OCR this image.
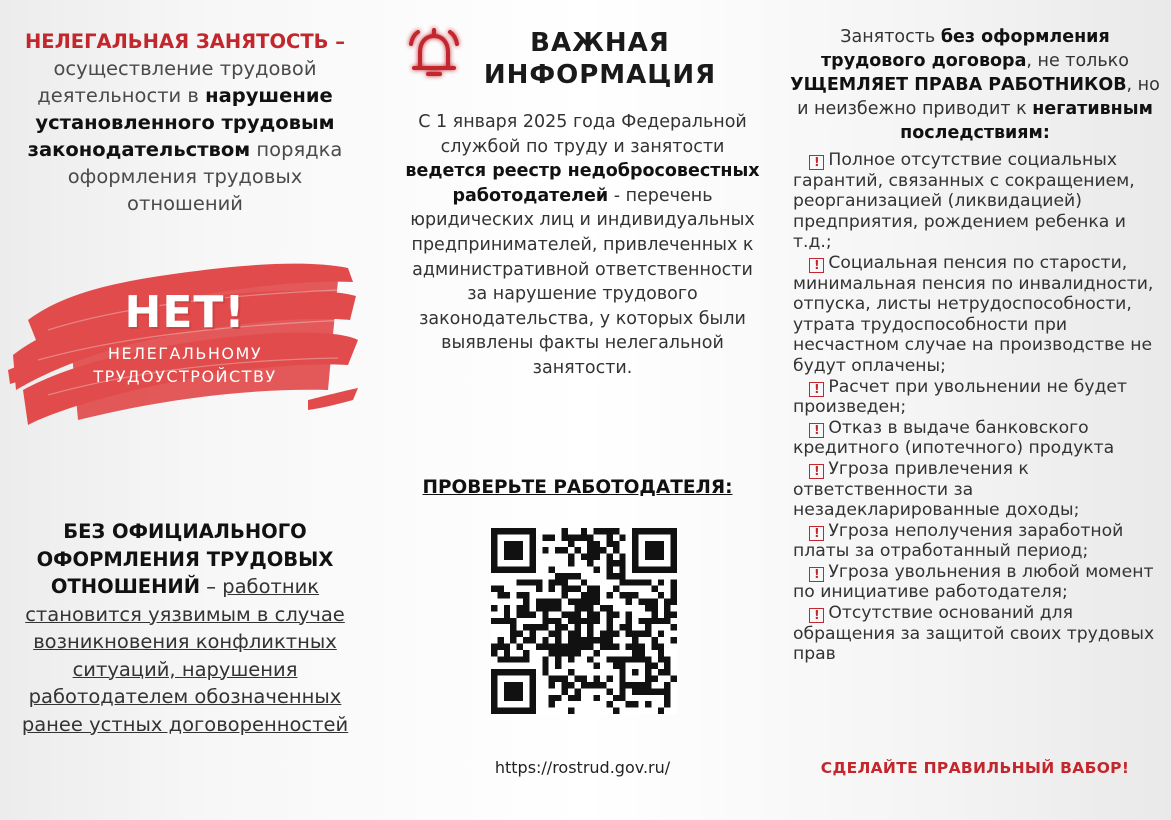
НЕЛЕГАЛЬНАЯ ЗАНЯТОСТЬ –
осуществление трудовой деятельности в нарушение установленного трудовым законодательством порядка оформления трудовых отношений
НЕТ!
НЕЛЕГАЛЬНОМУ
ТРУДОУСТРОЙСТВУ
БЕЗ ОФИЦИАЛЬНОГО ОФОРМЛЕНИЯ ТРУДОВЫХ ОТНОШЕНИЙ – работник становится уязвимым в случае возникновения конфликтных ситуаций, нарушения работодателем обозначенных ранее устных договоренностей
ВАЖНАЯ
ИНФОРМАЦИЯ
С 1 января 2025 года Федеральной службой по труду и занятости ведется реестр недобросовестных работодателей - перечень юридических лиц и индивидуальных предпринимателей, привлеченных к административной ответственности за нарушение трудового законодательства, у которых были выявлены факты нелегальной занятости.
ПРОВЕРЬТЕ РАБОТОДАТЕЛЯ:
https://rostrud.gov.ru/
Занятость без оформления трудового договора, не только УЩЕМЛЯЕТ ПРАВА РАБОТНИКОВ, но и неизбежно приводит к негативным последствиям:
! Полное отсутствие социальных гарантий, связанных с сокращением, реорганизацией (ликвидацией) предприятия, рождением ребенка и т.д.;
! Социальная пенсия по старости, минимальная пенсия по инвалидности, отпуска, листы нетрудоспособности, утрата трудоспособности при несчастном случае на производстве не будут оплачены;
! Расчет при увольнении не будет произведен;
! Отказ в выдаче банковского кредитного (ипотечного) продукта
! Угроза привлечения к ответственности за незадекларированные доходы;
! Угроза неполучения заработной платы за отработанный период;
! Угроза увольнения в любой момент по инициативе работодателя;
! Отсутствие оснований для обращения за защитой своих трудовых прав
СДЕЛАЙТЕ ПРАВИЛЬНЫЙ ВАБОР!
